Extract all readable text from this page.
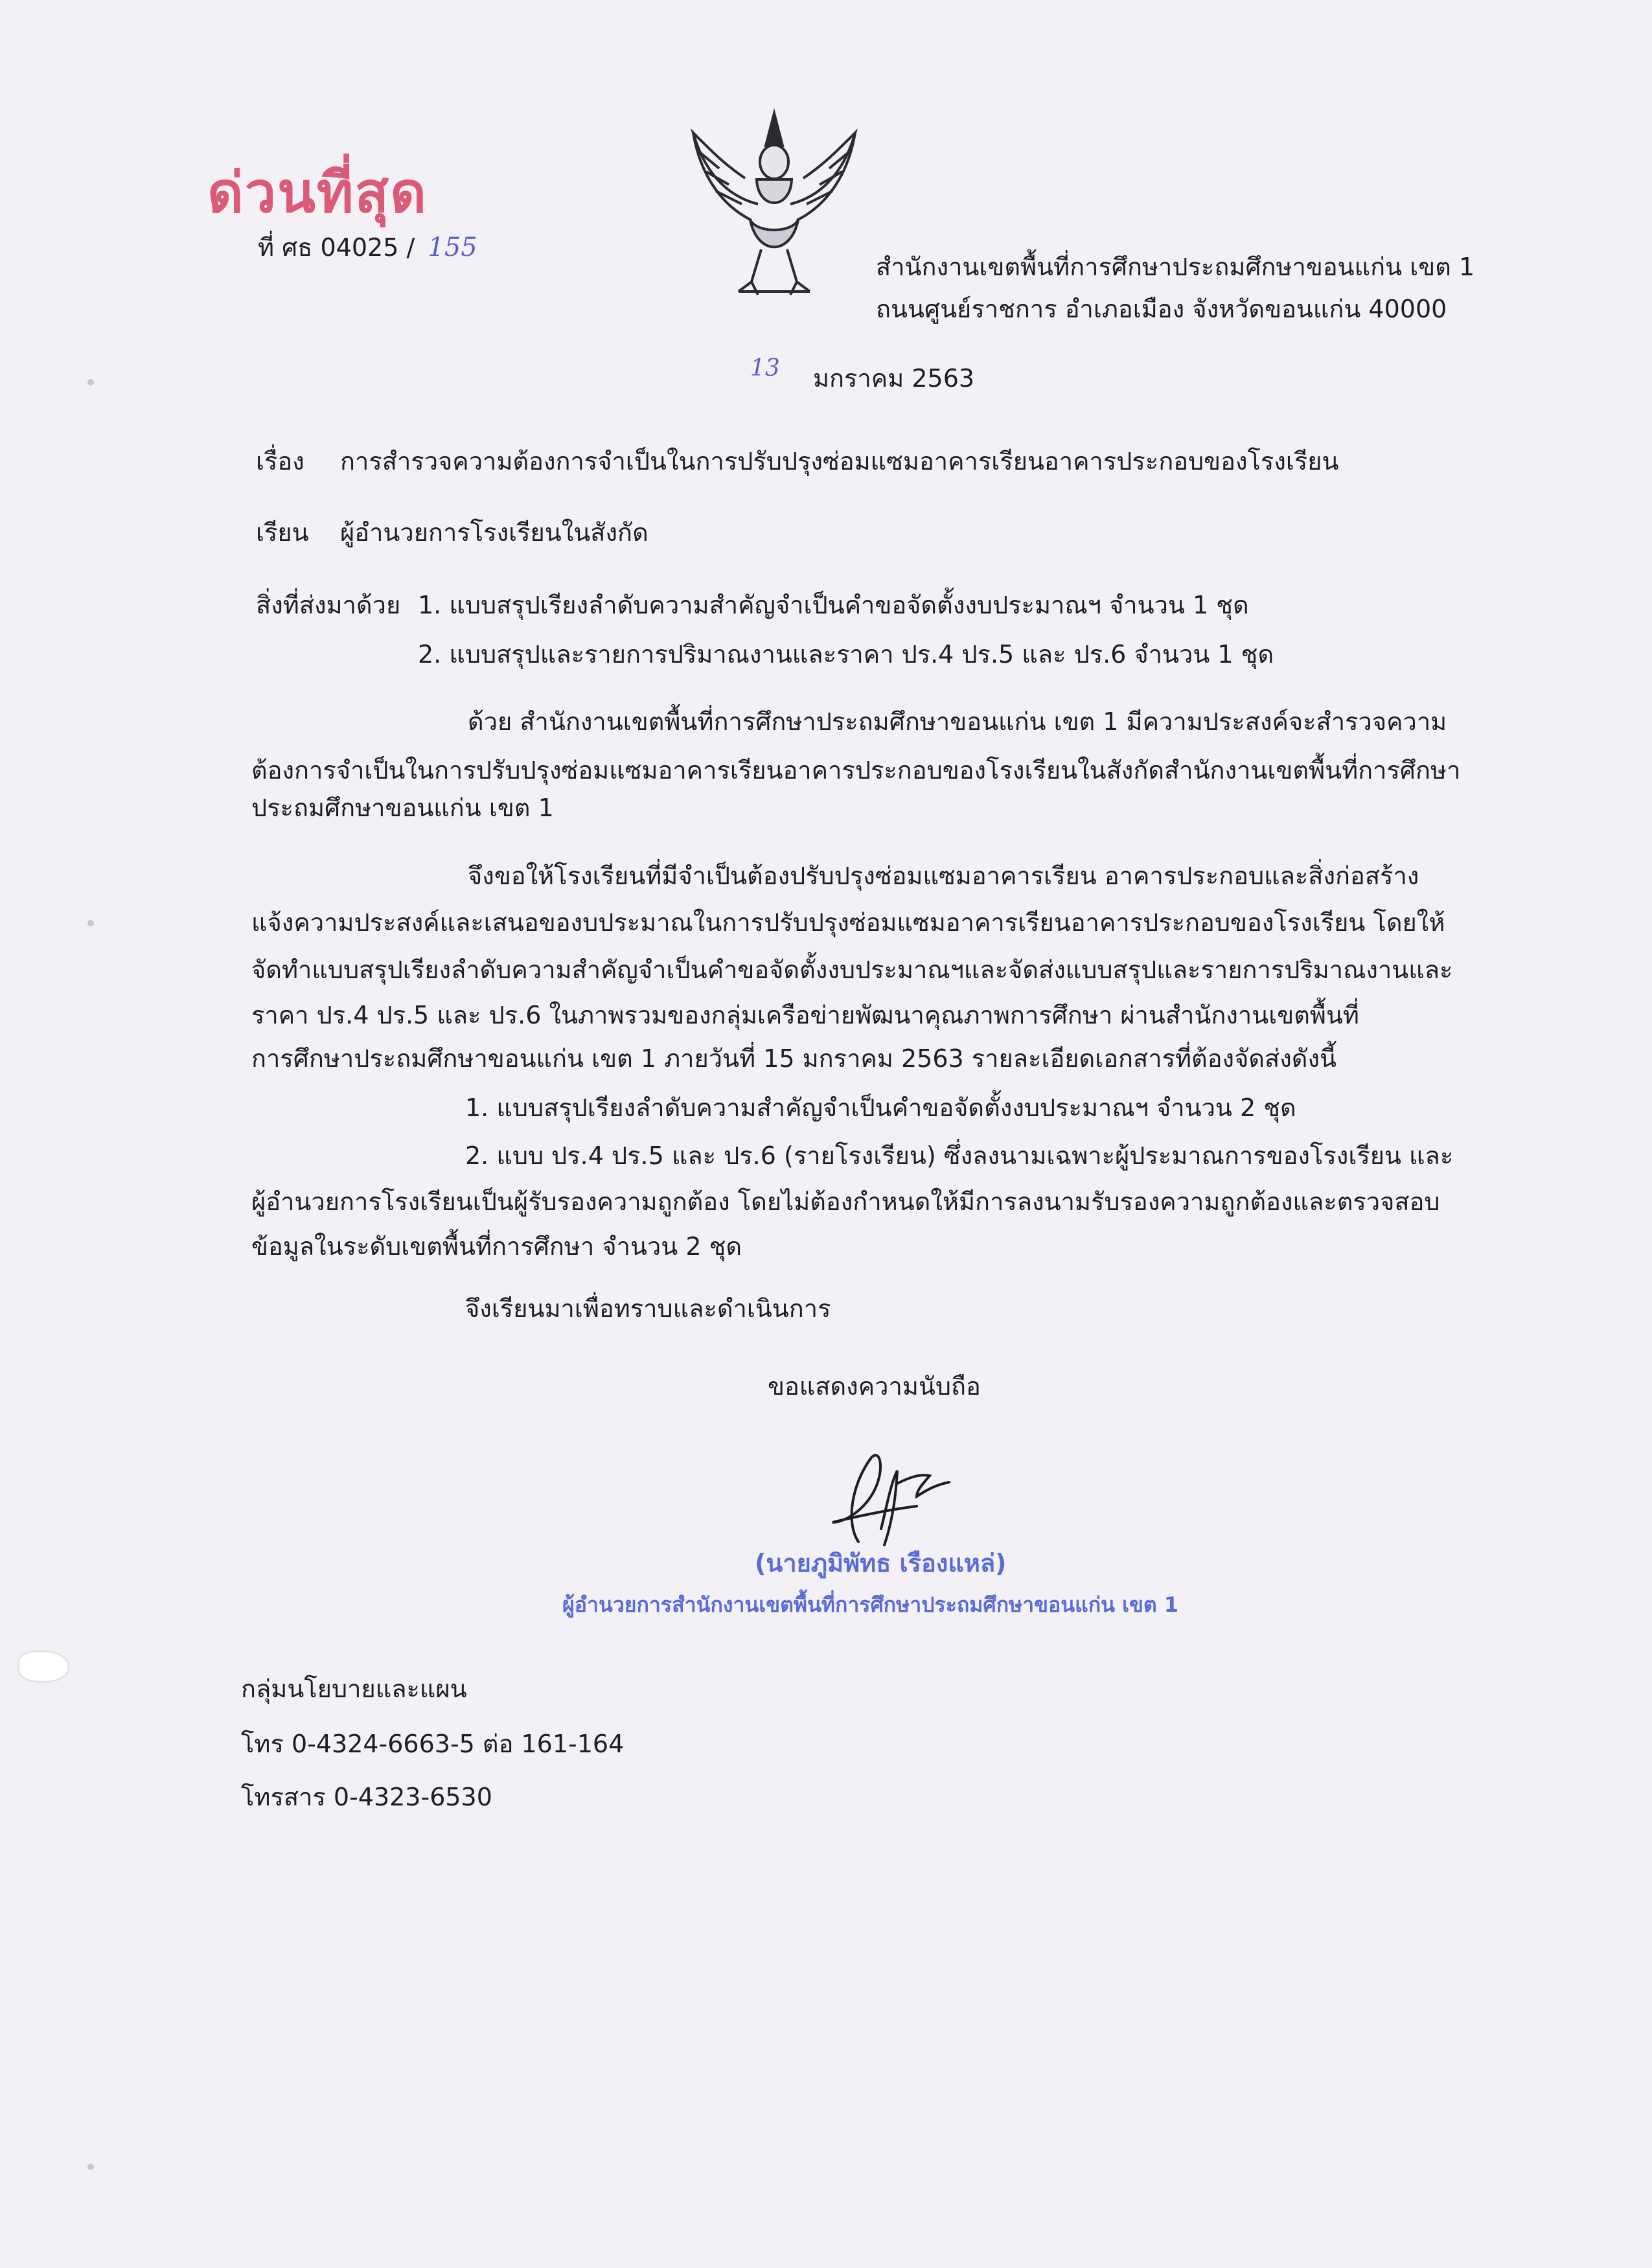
ด่วนที่สุด
ที่ ศธ 04025 / 155
สำนักงานเขตพื้นที่การศึกษาประถมศึกษาขอนแก่น เขต 1
ถนนศูนย์ราชการ อำเภอเมือง จังหวัดขอนแก่น 40000
13 มกราคม 2563
เรื่อง การสำรวจความต้องการจำเป็นในการปรับปรุงซ่อมแซมอาคารเรียนอาคารประกอบของโรงเรียน
เรียน ผู้อำนวยการโรงเรียนในสังกัด
สิ่งที่ส่งมาด้วย 1. แบบสรุปเรียงลำดับความสำคัญจำเป็นคำขอจัดตั้งงบประมาณฯ จำนวน 1 ชุด
2. แบบสรุปและรายการปริมาณงานและราคา ปร.4 ปร.5 และ ปร.6 จำนวน 1 ชุด
ด้วย สำนักงานเขตพื้นที่การศึกษาประถมศึกษาขอนแก่น เขต 1 มีความประสงค์จะสำรวจความ
ต้องการจำเป็นในการปรับปรุงซ่อมแซมอาคารเรียนอาคารประกอบของโรงเรียนในสังกัดสำนักงานเขตพื้นที่การศึกษา
ประถมศึกษาขอนแก่น เขต 1
จึงขอให้โรงเรียนที่มีจำเป็นต้องปรับปรุงซ่อมแซมอาคารเรียน อาคารประกอบและสิ่งก่อสร้าง
แจ้งความประสงค์และเสนอของบประมาณในการปรับปรุงซ่อมแซมอาคารเรียนอาคารประกอบของโรงเรียน โดยให้
จัดทำแบบสรุปเรียงลำดับความสำคัญจำเป็นคำขอจัดตั้งงบประมาณฯและจัดส่งแบบสรุปและรายการปริมาณงานและ
ราคา ปร.4 ปร.5 และ ปร.6 ในภาพรวมของกลุ่มเครือข่ายพัฒนาคุณภาพการศึกษา ผ่านสำนักงานเขตพื้นที่
การศึกษาประถมศึกษาขอนแก่น เขต 1 ภายวันที่ 15 มกราคม 2563 รายละเอียดเอกสารที่ต้องจัดส่งดังนี้
1. แบบสรุปเรียงลำดับความสำคัญจำเป็นคำขอจัดตั้งงบประมาณฯ จำนวน 2 ชุด
2. แบบ ปร.4 ปร.5 และ ปร.6 (รายโรงเรียน) ซึ่งลงนามเฉพาะผู้ประมาณการของโรงเรียน และ
ผู้อำนวยการโรงเรียนเป็นผู้รับรองความถูกต้อง โดยไม่ต้องกำหนดให้มีการลงนามรับรองความถูกต้องและตรวจสอบ
ข้อมูลในระดับเขตพื้นที่การศึกษา จำนวน 2 ชุด
จึงเรียนมาเพื่อทราบและดำเนินการ
ขอแสดงความนับถือ
(นายภูมิพัทธ เรืองแหล่)
ผู้อำนวยการสำนักงานเขตพื้นที่การศึกษาประถมศึกษาขอนแก่น เขต 1
กลุ่มนโยบายและแผน
โทร 0-4324-6663-5 ต่อ 161-164
โทรสาร 0-4323-6530
